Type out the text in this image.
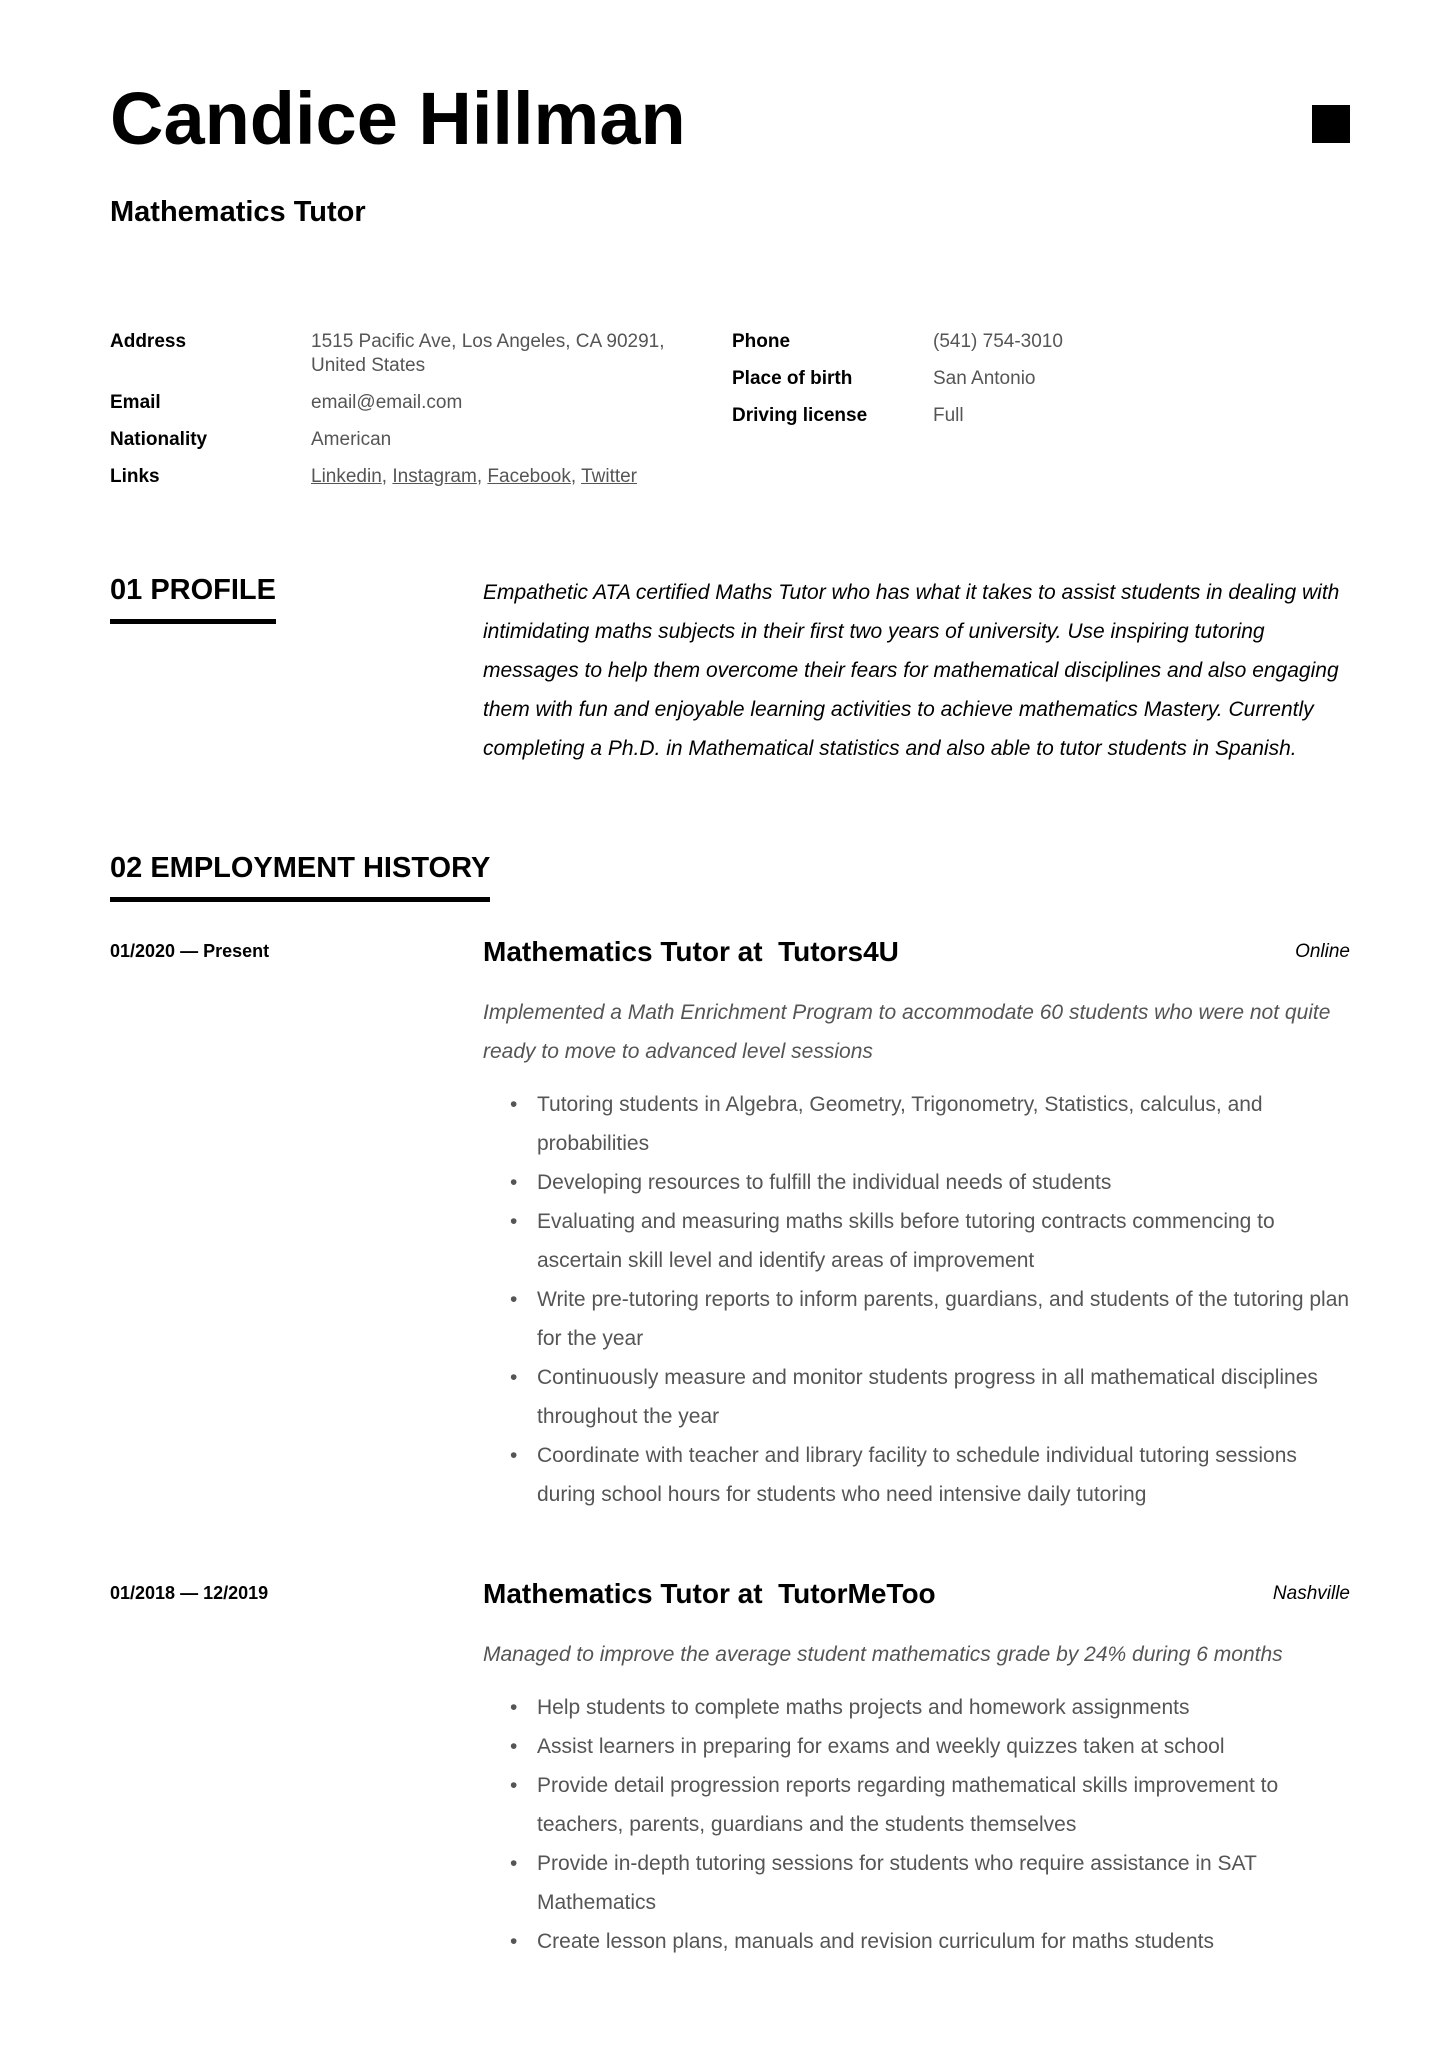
Candice Hillman
Mathematics Tutor
Address	1515 Pacific Ave, Los Angeles, CA 90291,
United States
Email	email@email.com
Nationality	American
Links	Linkedin, Instagram, Facebook, Twitter
Phone	(541) 754-3010
Place of birth	San Antonio
Driving license	Full
01 PROFILE	Empathetic ATA certified Maths Tutor who has what it takes to assist students in dealing with intimidating maths subjects in their first two years of university. Use inspiring tutoring messages to help them overcome their fears for mathematical disciplines and also engaging them with fun and enjoyable learning activities to achieve mathematics Mastery. Currently completing a Ph.D. in Mathematical statistics and also able to tutor students in Spanish.

02 EMPLOYMENT HISTORY
01/2020 — Present	Mathematics Tutor at  Tutors4U	Online

Implemented a Math Enrichment Program to accommodate 60 students who were not quite ready to move to advanced level sessions

• Tutoring students in Algebra, Geometry, Trigonometry, Statistics, calculus, and probabilities
• Developing resources to fulfill the individual needs of students
• Evaluating and measuring maths skills before tutoring contracts commencing to ascertain skill level and identify areas of improvement
• Write pre-tutoring reports to inform parents, guardians, and students of the tutoring plan for the year
• Continuously measure and monitor students progress in all mathematical disciplines throughout the year
• Coordinate with teacher and library facility to schedule individual tutoring sessions during school hours for students who need intensive daily tutoring
01/2018 — 12/2019	Mathematics Tutor at  TutorMeToo	Nashville

Managed to improve the average student mathematics grade by 24% during 6 months

• Help students to complete maths projects and homework assignments
• Assist learners in preparing for exams and weekly quizzes taken at school
• Provide detail progression reports regarding mathematical skills improvement to teachers, parents, guardians and the students themselves
• Provide in-depth tutoring sessions for students who require assistance in SAT Mathematics
• Create lesson plans, manuals and revision curriculum for maths students
